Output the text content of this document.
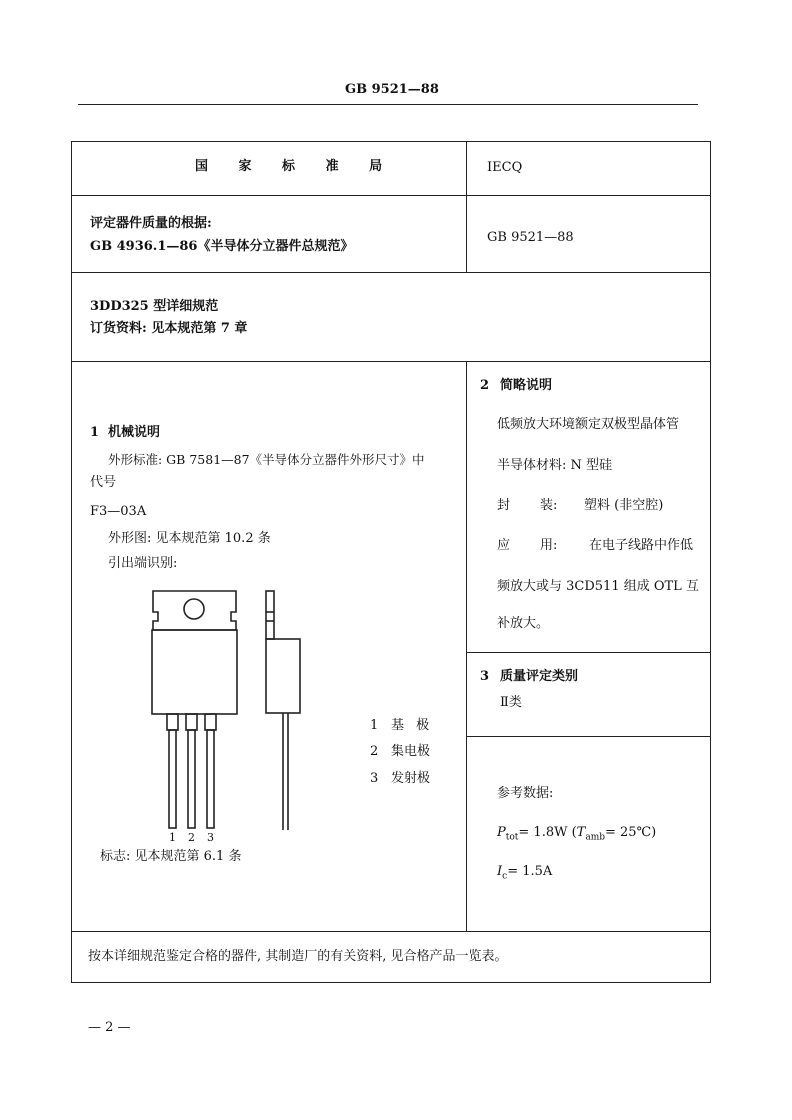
GB 9521—88
国 家 标 准 局	IECQ
评定器件质量的根据:
GB 4936.1—86《半导体分立器件总规范》
GB 9521—88
3DD325 型详细规范
订货资料: 见本规范第 7 章
1 机械说明
外形标准: GB 7581—87《半导体分立器件外形尺寸》中
代号
F3—03A
外形图: 见本规范第 10.2 条
引出端识别:
1 2 3
1 基 极
2 集电极
3 发射极
标志: 见本规范第 6.1 条
2 简略说明
低频放大环境额定双极型晶体管
半导体材料: N 型硅
封 装: 塑料 (非空腔)
应 用: 在电子线路中作低
频放大或与 3CD511 组成 OTL 互
补放大。
3 质量评定类别
Ⅱ类
参考数据:
$P_{tot}= 1.8W$ ($T_{amb}=$ 25℃)
$I_c= 1.5A$
按本详细规范鉴定合格的器件, 其制造厂的有关资料, 见合格产品一览表。
— 2 —
